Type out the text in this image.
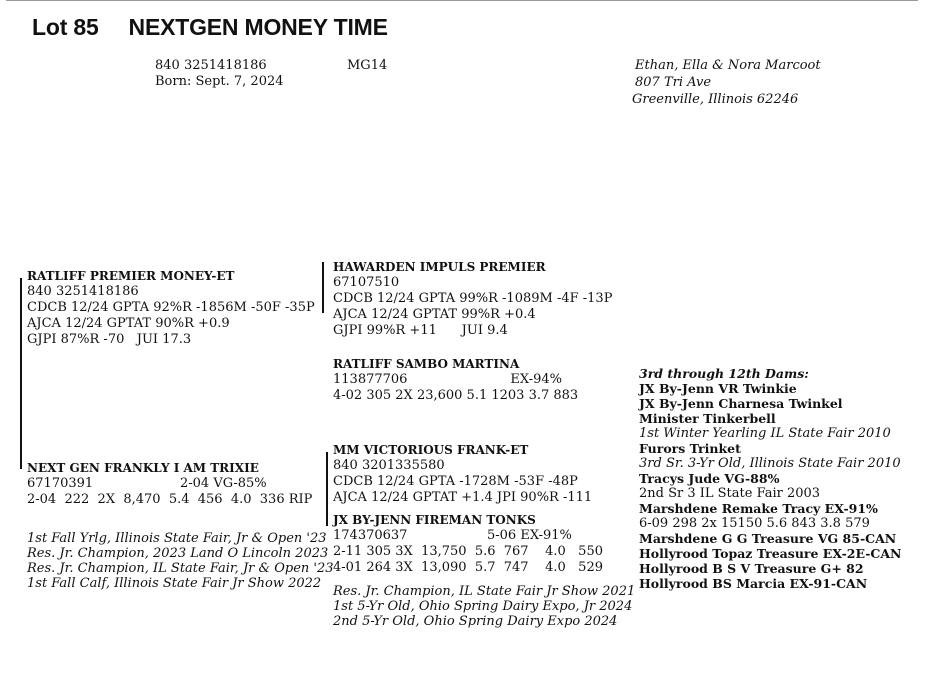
Lot 85 NEXTGEN MONEY TIME
840 3251418186
Born: Sept. 7, 2024
MG14	Ethan, Ella & Nora Marcoot
807 Tri Ave
Greenville, Illinois 62246
RATLIFF PREMIER MONEY-ET
840 3251418186
CDCB 12/24 GPTA 92%R -1856M -50F -35P
AJCA 12/24 GPTAT 90%R +0.9
GJPI 87%R -70   JUI 17.3
HAWARDEN IMPULS PREMIER
67107510
CDCB 12/24 GPTA 99%R -1089M -4F -13P
AJCA 12/24 GPTAT 99%R +0.4
GJPI 99%R +11      JUI 9.4
RATLIFF SAMBO MARTINA
113877706	EX-94%
4-02 305 2X 23,600 5.1 1203 3.7 883
NEXT GEN FRANKLY I AM TRIXIE
67170391	2-04 VG-85%
2-04  222  2X  8,470  5.4  456  4.0  336 RIP
1st Fall Yrlg, Illinois State Fair, Jr & Open '23
Res. Jr. Champion, 2023 Land O Lincoln 2023
Res. Jr. Champion, IL State Fair, Jr & Open '23
1st Fall Calf, Illinois State Fair Jr Show 2022
MM VICTORIOUS FRANK-ET
840 3201335580
CDCB 12/24 GPTA -1728M -53F -48P
AJCA 12/24 GPTAT +1.4 JPI 90%R -111
JX BY-JENN FIREMAN TONKS
174370637	5-06 EX-91%
2-11 305 3X  13,750  5.6  767    4.0   550
4-01 264 3X  13,090  5.7  747    4.0   529
Res. Jr. Champion, IL State Fair Jr Show 2021
1st 5-Yr Old, Ohio Spring Dairy Expo, Jr 2024
2nd 5-Yr Old, Ohio Spring Dairy Expo 2024
3rd through 12th Dams:
JX By-Jenn VR Twinkie
JX By-Jenn Charnesa Twinkel
Minister Tinkerbell
1st Winter Yearling IL State Fair 2010
Furors Trinket
3rd Sr. 3-Yr Old, Illinois State Fair 2010
Tracys Jude VG-88%
2nd Sr 3 IL State Fair 2003
Marshdene Remake Tracy EX-91%
6-09 298 2x 15150 5.6 843 3.8 579
Marshdene G G Treasure VG 85-CAN
Hollyrood Topaz Treasure EX-2E-CAN
Hollyrood B S V Treasure G+ 82
Hollyrood BS Marcia EX-91-CAN
